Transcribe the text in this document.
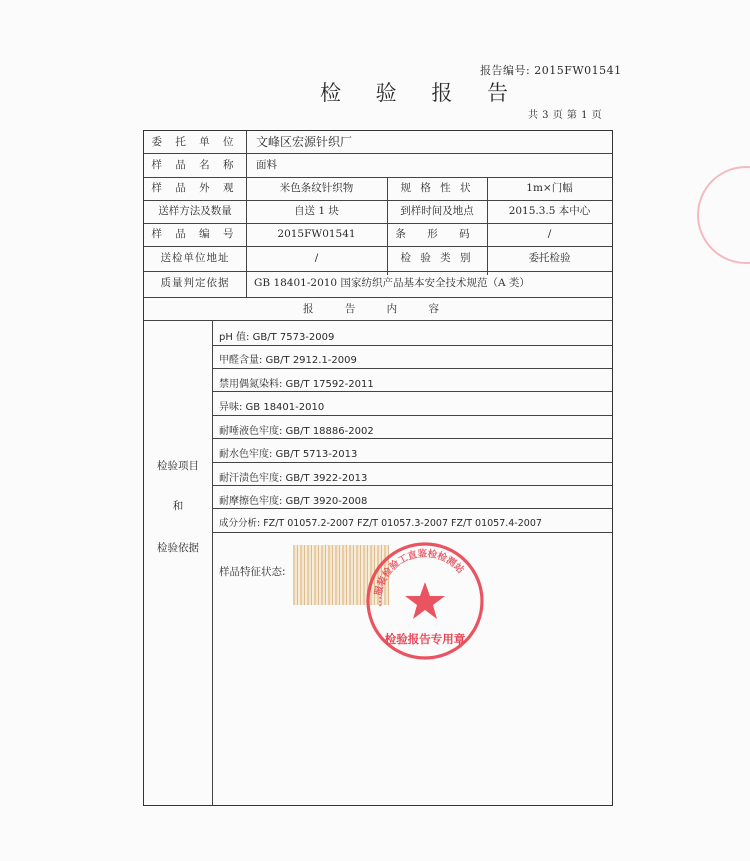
报告编号: 2015FW01541
检 验 报 告
共 3 页 第 1 页
委 托 单 位	文峰区宏源针织厂
样 品 名 称	面料
样 品 外 观	米色条纹针织物	规 格 性 状	1m×门幅
送样方法及数量	自送 1 块	到样时间及地点	2015.3.5 本中心
样 品 编 号	2015FW01541	条 形 码	/
送检单位地址	/	检 验 类 别	委托检验
质量判定依据	GB 18401-2010 国家纺织产品基本安全技术规范（A 类）
报 告 内 容
检验项目
和
检验依据
pH 值: GB/T 7573-2009
甲醛含量: GB/T 2912.1-2009
禁用偶氮染料: GB/T 17592-2011
异味: GB 18401-2010
耐唾液色牢度: GB/T 18886-2002
耐水色牢度: GB/T 5713-2013
耐汗渍色牢度: GB/T 3922-2013
耐摩擦色牢度: GB/T 3920-2008
成分分析: FZ/T 01057.2-2007 FZ/T 01057.3-2007 FZ/T 01057.4-2007
样品特征状态:
...服装检验工直鉴检检测站
检验报告专用章
